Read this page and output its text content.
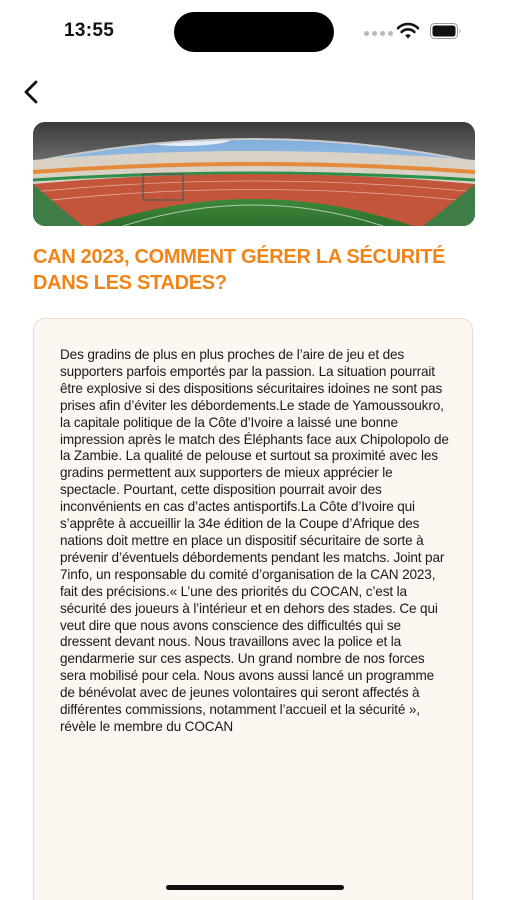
13:55
CAN 2023, COMMENT GÉRER LA SÉCURITÉ DANS LES STADES?

Des gradins de plus en plus proches de l’aire de jeu et des supporters parfois emportés par la passion. La situation pourrait être explosive si des dispositions sécuritaires idoines ne sont pas prises afin d’éviter les débordements.Le stade de Yamoussoukro, la capitale politique de la Côte d’Ivoire a laissé une bonne impression après le match des Éléphants face aux Chipolopolo de la Zambie. La qualité de pelouse et surtout sa proximité avec les gradins permettent aux supporters de mieux apprécier le spectacle. Pourtant, cette disposition pourrait avoir des inconvénients en cas d’actes antisportifs.La Côte d’Ivoire qui s’apprête à accueillir la 34e édition de la Coupe d’Afrique des nations doit mettre en place un dispositif sécuritaire de sorte à prévenir d’éventuels débordements pendant les matchs. Joint par 7info, un responsable du comité d’organisation de la CAN 2023, fait des précisions.« L’une des priorités du COCAN, c’est la sécurité des joueurs à l’intérieur et en dehors des stades. Ce qui veut dire que nous avons conscience des difficultés qui se dressent devant nous. Nous travaillons avec la police et la gendarmerie sur ces aspects. Un grand nombre de nos forces sera mobilisé pour cela. Nous avons aussi lancé un programme de bénévolat avec de jeunes volontaires qui seront affectés à différentes commissions, notamment l’accueil et la sécurité », révèle le membre du COCAN
